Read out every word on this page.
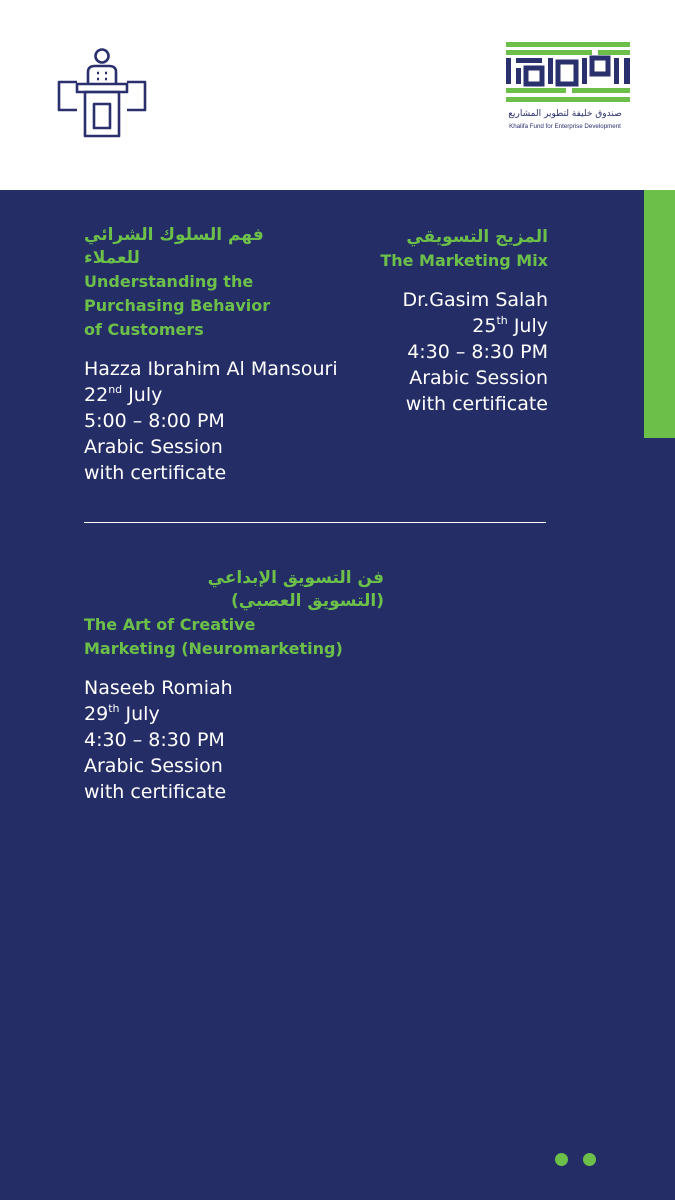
صندوق خليفة لتطوير المشاريع
Khalifa Fund for Enterprise Development
فهم السلوك الشرائي
للعملاء
Understanding the
Purchasing Behavior
of Customers
Hazza Ibrahim Al Mansouri
22nd July
5:00 – 8:00 PM
Arabic Session
with certificate
المزيج التسويقي
The Marketing Mix
Dr.Gasim Salah
25th July
4:30 – 8:30 PM
Arabic Session
with certificate
فن التسويق الإبداعي
(التسويق العصبي)
The Art of Creative
Marketing (Neuromarketing)
Naseeb Romiah
29th July
4:30 – 8:30 PM
Arabic Session
with certificate
